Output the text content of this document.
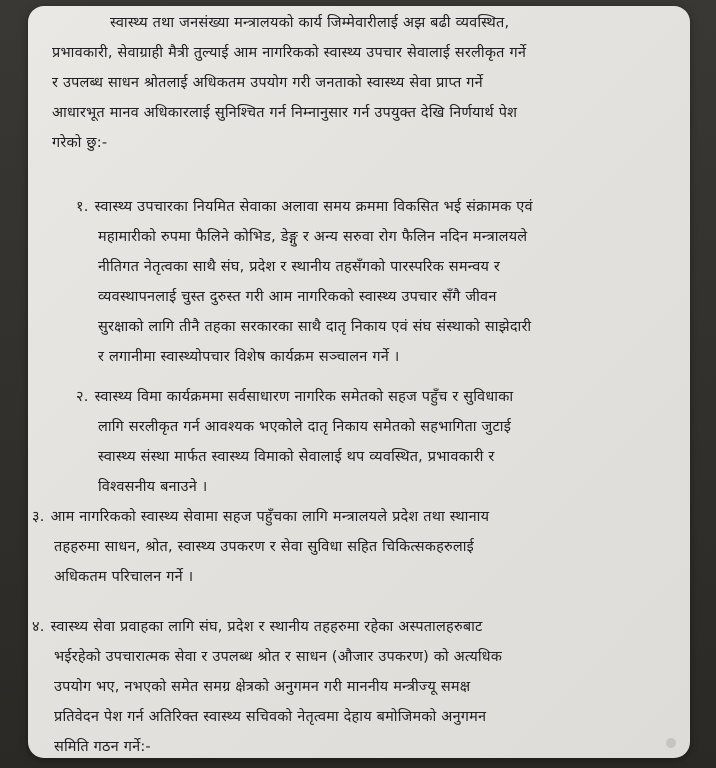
स्वास्थ्य तथा जनसंख्या मन्त्रालयको कार्य जिम्मेवारीलाई अझ बढी व्यवस्थित,
प्रभावकारी, सेवाग्राही मैत्री तुल्याई आम नागरिकको स्वास्थ्य उपचार सेवालाई सरलीकृत गर्ने
र उपलब्ध साधन श्रोतलाई अधिकतम उपयोग गरी जनताको स्वास्थ्य सेवा प्राप्त गर्ने
आधारभूत मानव अधिकारलाई सुनिश्चित गर्न निम्नानुसार गर्न उपयुक्त देखि निर्णयार्थ पेश
गरेको छु:-
१. स्वास्थ्य उपचारका नियमित सेवाका अलावा समय क्रममा विकसित भई संक्रामक एवं
महामारीको रुपमा फैलिने कोभिड, डेङ्गु र अन्य सरुवा रोग फैलिन नदिन मन्त्रालयले
नीतिगत नेतृत्वका साथै संघ, प्रदेश र स्थानीय तहसँगको पारस्परिक समन्वय र
व्यवस्थापनलाई चुस्त दुरुस्त गरी आम नागरिकको स्वास्थ्य उपचार सँगै जीवन
सुरक्षाको लागि तीनै तहका सरकारका साथै दातृ निकाय एवं संघ संस्थाको साझेदारी
र लगानीमा स्वास्थ्योपचार विशेष कार्यक्रम सञ्चालन गर्ने ।
२. स्वास्थ्य विमा कार्यक्रममा सर्वसाधारण नागरिक समेतको सहज पहुँच र सुविधाका
लागि सरलीकृत गर्न आवश्यक भएकोले दातृ निकाय समेतको सहभागिता जुटाई
स्वास्थ्य संस्था मार्फत स्वास्थ्य विमाको सेवालाई थप व्यवस्थित, प्रभावकारी र
विश्वसनीय बनाउने ।
३. आम नागरिकको स्वास्थ्य सेवामा सहज पहुँचका लागि मन्त्रालयले प्रदेश तथा स्थानाय
तहहरुमा साधन, श्रोत, स्वास्थ्य उपकरण र सेवा सुविधा सहित चिकित्सकहरुलाई
अधिकतम परिचालन गर्ने ।
४. स्वास्थ्य सेवा प्रवाहका लागि संघ, प्रदेश र स्थानीय तहहरुमा रहेका अस्पतालहरुबाट
भईरहेको उपचारात्मक सेवा र उपलब्ध श्रोत र साधन (औजार उपकरण) को अत्यधिक
उपयोग भए, नभएको समेत समग्र क्षेत्रको अनुगमन गरी माननीय मन्त्रीज्यू समक्ष
प्रतिवेदन पेश गर्न अतिरिक्त स्वास्थ्य सचिवको नेतृत्वमा देहाय बमोजिमको अनुगमन
समिति गठन गर्ने:-
